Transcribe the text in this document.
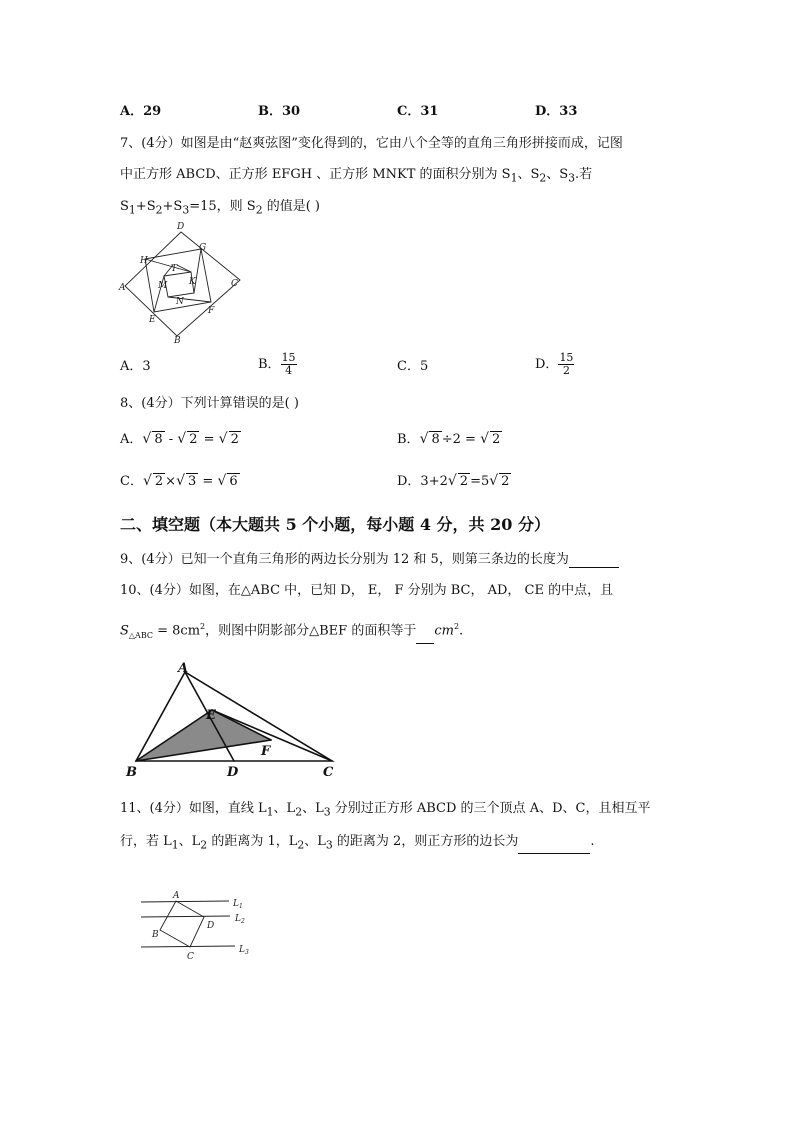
A．29	B．30	C．31	D．33
7、(4分）如图是由“赵爽弦图”变化得到的，它由八个全等的直角三角形拼接而成，记图
中正方形 ABCD、正方形 EFGH 、正方形 MNKT 的面积分别为 $S_1$、$S_2$、$S_3$.若
$S_1+S_2+S_3=15$，则 $S_2$ 的值是( )
D
A	C
B
H
G
F
E
T
M K
N
A．3	B． $\frac{15}{4}$	C．5	D． $\frac{15}{2}$
8、(4分）下列计算错误的是( )
A．√ 8 - √ 2 = √ 2	B．√ 8 ÷2 = √ 2
C．√ 2 ×√ 3 = √ 6	D．3+2√ 2 =5√ 2
二、填空题（本大题共 5 个小题，每小题 4 分，共 20 分）
9、(4分）已知一个直角三角形的两边长分别为 12 和 5，则第三条边的长度为
10、(4分）如图，在△ABC 中，已知 D， E， F 分别为 BC， AD， CE 的中点，且
$S_{\triangle ABC} = 8cm^2$，则图中阴影部分△BEF 的面积等于 $cm^2$.
A
B	D	C
E
F
11、(4分）如图，直线 $L_1$、$L_2$、$L_3$ 分别过正方形 ABCD 的三个顶点 A、D、C，且相互平
行，若 $L_1$、$L_2$ 的距离为 1，$L_2$、$L_3$ 的距离为 2，则正方形的边长为	.
A
D
B
C
$L_1$
$L_2$
$L_3$
